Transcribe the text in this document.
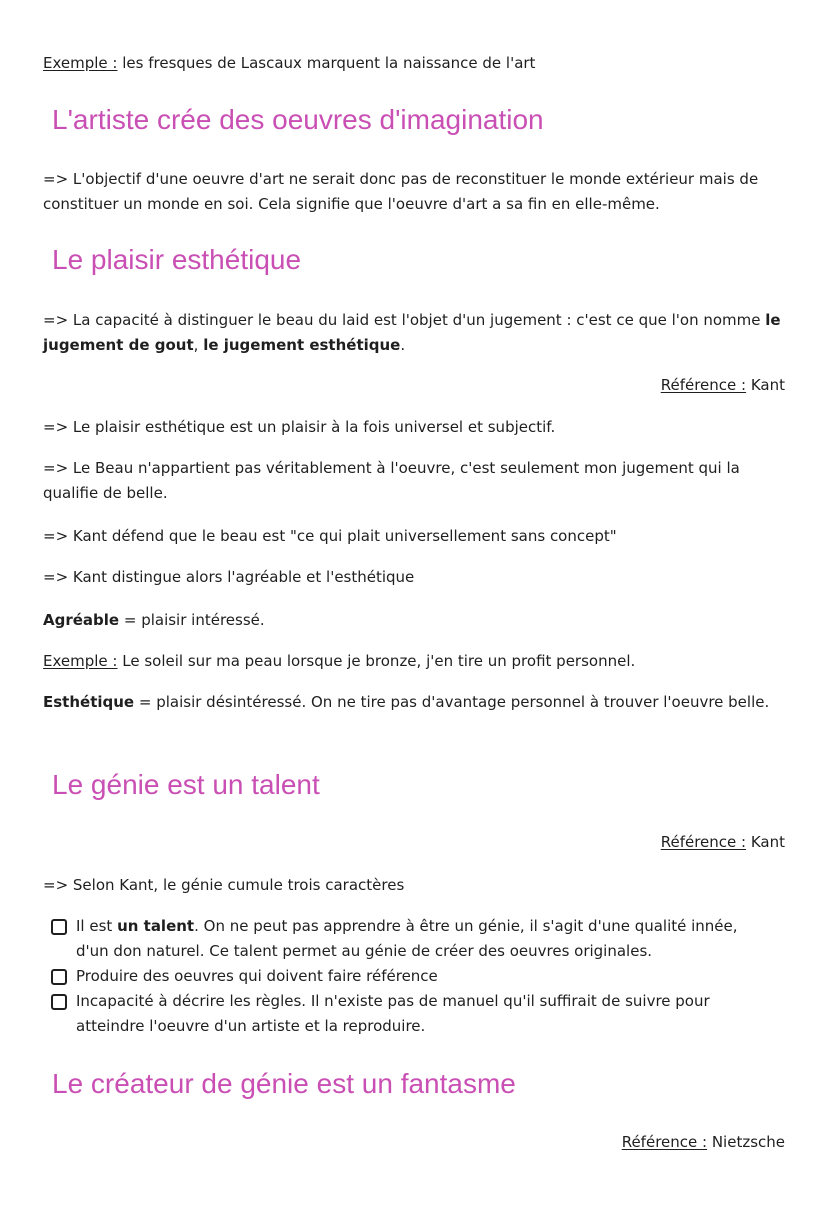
Exemple : les fresques de Lascaux marquent la naissance de l'art

L'artiste crée des oeuvres d'imagination

=> L'objectif d'une oeuvre d'art ne serait donc pas de reconstituer le monde extérieur mais de constituer un monde en soi. Cela signifie que l'oeuvre d'art a sa fin en elle-même.

Le plaisir esthétique

=> La capacité à distinguer le beau du laid est l'objet d'un jugement : c'est ce que l'on nomme le jugement de gout, le jugement esthétique.

Référence : Kant

=> Le plaisir esthétique est un plaisir à la fois universel et subjectif.

=> Le Beau n'appartient pas véritablement à l'oeuvre, c'est seulement mon jugement qui la qualifie de belle.

=> Kant défend que le beau est "ce qui plait universellement sans concept"

=> Kant distingue alors l'agréable et l'esthétique

Agréable = plaisir intéressé.

Exemple : Le soleil sur ma peau lorsque je bronze, j'en tire un profit personnel.

Esthétique = plaisir désintéressé. On ne tire pas d'avantage personnel à trouver l'oeuvre belle.

Le génie est un talent

Référence : Kant

=> Selon Kant, le génie cumule trois caractères

Il est un talent. On ne peut pas apprendre à être un génie, il s'agit d'une qualité innée, d'un don naturel. Ce talent permet au génie de créer des oeuvres originales.
Produire des oeuvres qui doivent faire référence
Incapacité à décrire les règles. Il n'existe pas de manuel qu'il suffirait de suivre pour atteindre l'oeuvre d'un artiste et la reproduire.
Le créateur de génie est un fantasme

Référence : Nietzsche
